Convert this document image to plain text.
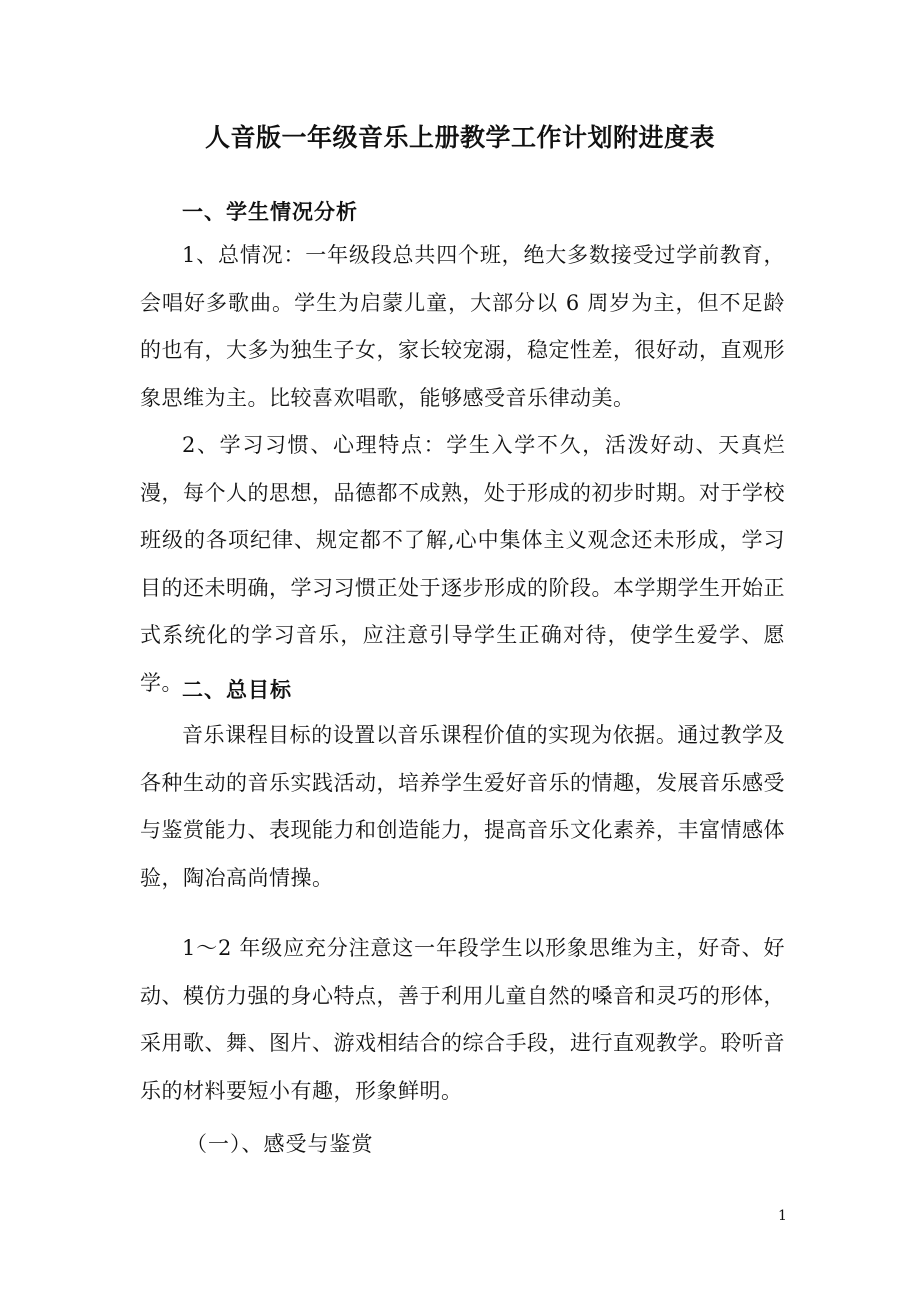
人音版一年级音乐上册教学工作计划附进度表
一、学生情况分析
1、总情况：一年级段总共四个班，绝大多数接受过学前教育，会唱好多歌曲。学生为启蒙儿童，大部分以 6 周岁为主，但不足龄的也有，大多为独生子女，家长较宠溺，稳定性差，很好动，直观形象思维为主。比较喜欢唱歌，能够感受音乐律动美。
2、学习习惯、心理特点：学生入学不久，活泼好动、天真烂漫，每个人的思想，品德都不成熟，处于形成的初步时期。对于学校班级的各项纪律、规定都不了解,心中集体主义观念还未形成，学习目的还未明确，学习习惯正处于逐步形成的阶段。本学期学生开始正式系统化的学习音乐，应注意引导学生正确对待，使学生爱学、愿学。 二、总目标
音乐课程目标的设置以音乐课程价值的实现为依据。通过教学及各种生动的音乐实践活动，培养学生爱好音乐的情趣，发展音乐感受与鉴赏能力、表现能力和创造能力，提高音乐文化素养，丰富情感体验，陶冶高尚情操。
1～2 年级应充分注意这一年段学生以形象思维为主，好奇、好动、模仿力强的身心特点，善于利用儿童自然的嗓音和灵巧的形体，采用歌、舞、图片、游戏相结合的综合手段，进行直观教学。聆听音乐的材料要短小有趣，形象鲜明。
（一）、感受与鉴赏
1
